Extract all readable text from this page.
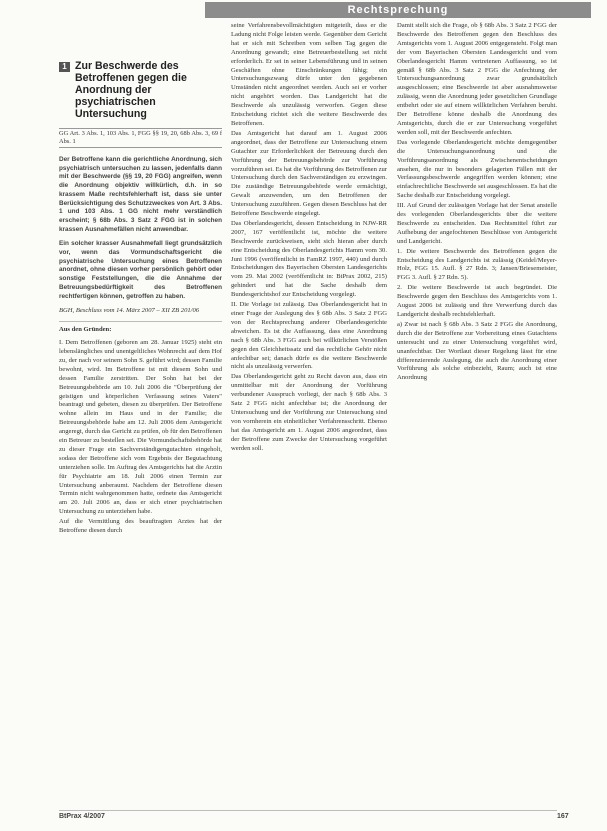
Rechtsprechung
1 Zur Beschwerde des Betroffenen gegen die Anordnung der psychiatrischen Untersuchung
GG Art. 3 Abs. 1, 103 Abs. 1, FGG §§ 19, 20, 68b Abs. 3, 69 f Abs. 1

Der Betroffene kann die gerichtliche Anordnung, sich psychiatrisch untersuchen zu lassen, jedenfalls dann mit der Beschwerde (§§ 19, 20 FGG) angreifen, wenn die Anordnung objektiv willkürlich, d.h. in so krassem Maße rechtsfehlerhaft ist, dass sie unter Berücksichtigung des Schutzzweckes von Art. 3 Abs. 1 und 103 Abs. 1 GG nicht mehr verständlich erscheint; § 68b Abs. 3 Satz 2 FGG ist in solchen krassen Ausnahmefällen nicht anwendbar.

Ein solcher krasser Ausnahmefall liegt grundsätzlich vor, wenn das Vormundschaftsgericht die psychiatrische Untersuchung eines Betroffenen anordnet, ohne diesen vorher persönlich gehört oder sonstige Feststellungen, die die Annahme der Betreuungsbedürftigkeit des Betroffenen rechtfertigen können, getroffen zu haben.

BGH, Beschluss vom 14. März 2007 – XII ZB 201/06
Aus den Gründen:

I. Dem Betroffenen (geboren am 28. Januar 1925) steht ein lebenslängliches und unentgeltliches Wohnrecht auf dem Hof zu, der nach vor seinem Sohn S. geführt wird; dessen Familie bewohnt, wird. Im Betroffene ist mit diesem Sohn und dessen Familie zerstritten. Der Sohn hat bei der Betreuungsbehörde am 10. Juli 2006 die "Überprüfung der geistigen und körperlichen Verfassung seines Vaters" beantragt und gebeten, diesen zu überprüfen. Der Betroffene wohne allein im Haus und in der Familie; die Betreuungsbehörde habe am 12. Juli 2006 dem Amtsgericht angeregt, durch das Gericht zu prüfen, ob für den Betroffenen ein Betreuer zu bestellen sei. Die Vormundschaftsbehörde hat zu dieser Frage ein Sachverständigengutachten eingeholt, sodass der Betroffene sich vom Ergebnis der Begutachtung unterziehen solle. Im Auftrag des Amtsgerichts hat die Arztin für Psychiatrie am 18. Juli 2006 einen Termin zur Untersuchung anberaumt. Nachdem der Betroffene diesen Termin nicht wahrgenommen hatte, ordnete das Amtsgericht am 20. Juli 2006 an, dass er sich einer psychiatrischen Untersuchung zu unterziehen habe.

Auf die Vermittlung des beauftragten Arztes hat der Betroffene diesen durch

seine Verfahrensbevollmächtigten mitgeteilt, dass er die Ladung nicht Folge leisten werde. Gegenüber dem Gericht hat er sich mit Schreiben vom selben Tag gegen die Anordnung gewandt; eine Betreuerbestellung sei nicht erforderlich. Er sei in seiner Lebensführung und in seinen Geschäften ohne Einschränkungen fähig; ein Untersuchungszwang dürfe unter den gegebenen Umständen nicht angeordnet werden. Auch sei er vorher nicht angehört worden. Das Landgericht hat die Beschwerde als unzulässig verworfen. Gegen diese Entscheidung richtet sich die weitere Beschwerde des Betroffenen.

Das Amtsgericht hat darauf am 1. August 2006 angeordnet, dass der Betroffene zur Untersuchung einem Gutachter zur Erforderlichkeit der Betreuung durch den Vorführung der Betreuungsbehörde zur Vorführung vorzuführen sei. Es hat die Vorführung des Betroffenen zur Untersuchung durch den Sachverständigen zu erzwingen. Die zuständige Betreuungsbehörde werde ermächtigt, Gewalt anzuwenden, um den Betroffenen der Untersuchung zuzuführen. Gegen diesen Beschluss hat der Betroffene Beschwerde eingelegt.

Das Oberlandesgericht, dessen Entscheidung in NJW-RR 2007, 167 veröffentlicht ist, möchte die weitere Beschwerde zurückweisen, sieht sich hieran aber durch eine Entscheidung des Oberlandesgerichts Hamm vom 30. Juni 1996 (veröffentlicht in FamRZ 1997, 440) und durch Entscheidungen des Bayerischen Obersten Landesgerichts vom 29. Mai 2002 (veröffentlicht in: BtPrax 2002, 215) gehindert und hat die Sache deshalb dem Bundesgerichtshof zur Entscheidung vorgelegt.

II. Die Vorlage ist zulässig. Das Oberlandesgericht hat in einer Frage der Auslegung des § 68b Abs. 3 Satz 2 FGG von der Rechtsprechung anderer Oberlandesgerichte abweichen. Es ist die Auffassung, dass eine Anordnung nach § 68b Abs. 3 FGG auch bei willkürlichen Verstößen gegen den Gleichheitssatz und das rechtliche Gehör nicht anfechtbar sei; danach dürfe es die weitere Beschwerde nicht als unzulässig verwerfen.

Das Oberlandesgericht geht zu Recht davon aus, dass ein unmittelbar mit der Anordnung der Vorführung verbundener Ausspruch vorliegt, der nach § 68b Abs. 3 Satz 2 FGG nicht anfechtbar ist; die Anordnung der Untersuchung und der Vorführung zur Untersuchung sind von vornherein ein einheitlicher Verfahrensschritt. Ebenso hat das Amtsgericht am 1. August 2006 angeordnet, dass der Betroffene zum Zwecke der Untersuchung vorgeführt werden soll.

Damit stellt sich die Frage, ob § 68b Abs. 3 Satz 2 FGG der Beschwerde des Betroffenen gegen den Beschluss des Amtsgerichts vom 1. August 2006 entgegensteht. Folgt man der vom Bayerischen Obersten Landesgericht und vom Oberlandesgericht Hamm vertretenen Auffassung, so ist gemäß § 68b Abs. 3 Satz 2 FGG die Anfechtung der Untersuchungsanordnung zwar grundsätzlich ausgeschlossen; eine Beschwerde ist aber ausnahmsweise zulässig, wenn die Anordnung jeder gesetzlichen Grundlage entbehrt oder sie auf einem willkürlichen Verfahren beruht. Der Betroffene könne deshalb die Anordnung des Amtsgerichts, durch die er zur Untersuchung vorgeführt werden soll, mit der Beschwerde anfechten.

Das vorlegende Oberlandesgericht möchte demgegenüber die Untersuchungsanordnung und die Vorführungsanordnung als Zwischenentscheidungen ansehen, die nur in besonders gelagerten Fällen mit der Verfassungsbeschwerde angegriffen werden können; eine einfachrechtliche Beschwerde sei ausgeschlossen. Es hat die Sache deshalb zur Entscheidung vorgelegt.

III. Auf Grund der zulässigen Vorlage hat der Senat anstelle des vorlegenden Oberlandesgerichts über die weitere Beschwerde zu entscheiden. Das Rechtsmittel führt zur Aufhebung der angefochtenen Beschlüsse von Amtsgericht und Landgericht.

1. Die weitere Beschwerde des Betroffenen gegen die Entscheidung des Landgerichts ist zulässig (Keidel/Meyer-Holz, FGG 15. Aufl. § 27 Rdn. 3; Jansen/Briesemeister, FGG 3. Aufl. § 27 Rdn. 5).

2. Die weitere Beschwerde ist auch begründet. Die Beschwerde gegen den Beschluss des Amtsgerichts vom 1. August 2006 ist zulässig und ihre Verwerfung durch das Landgericht deshalb rechtsfehlerhaft.

a) Zwar ist nach § 68b Abs. 3 Satz 2 FGG die Anordnung, durch die der Betroffene zur Vorbereitung eines Gutachtens untersucht und zu einer Untersuchung vorgeführt wird, unanfechtbar. Der Wortlaut dieser Regelung lässt für eine differenzierende Auslegung, die auch die Anordnung einer Vorführung als solche einbezieht, Raum; auch ist eine Anordnung

BtPrax 4/2007	167
